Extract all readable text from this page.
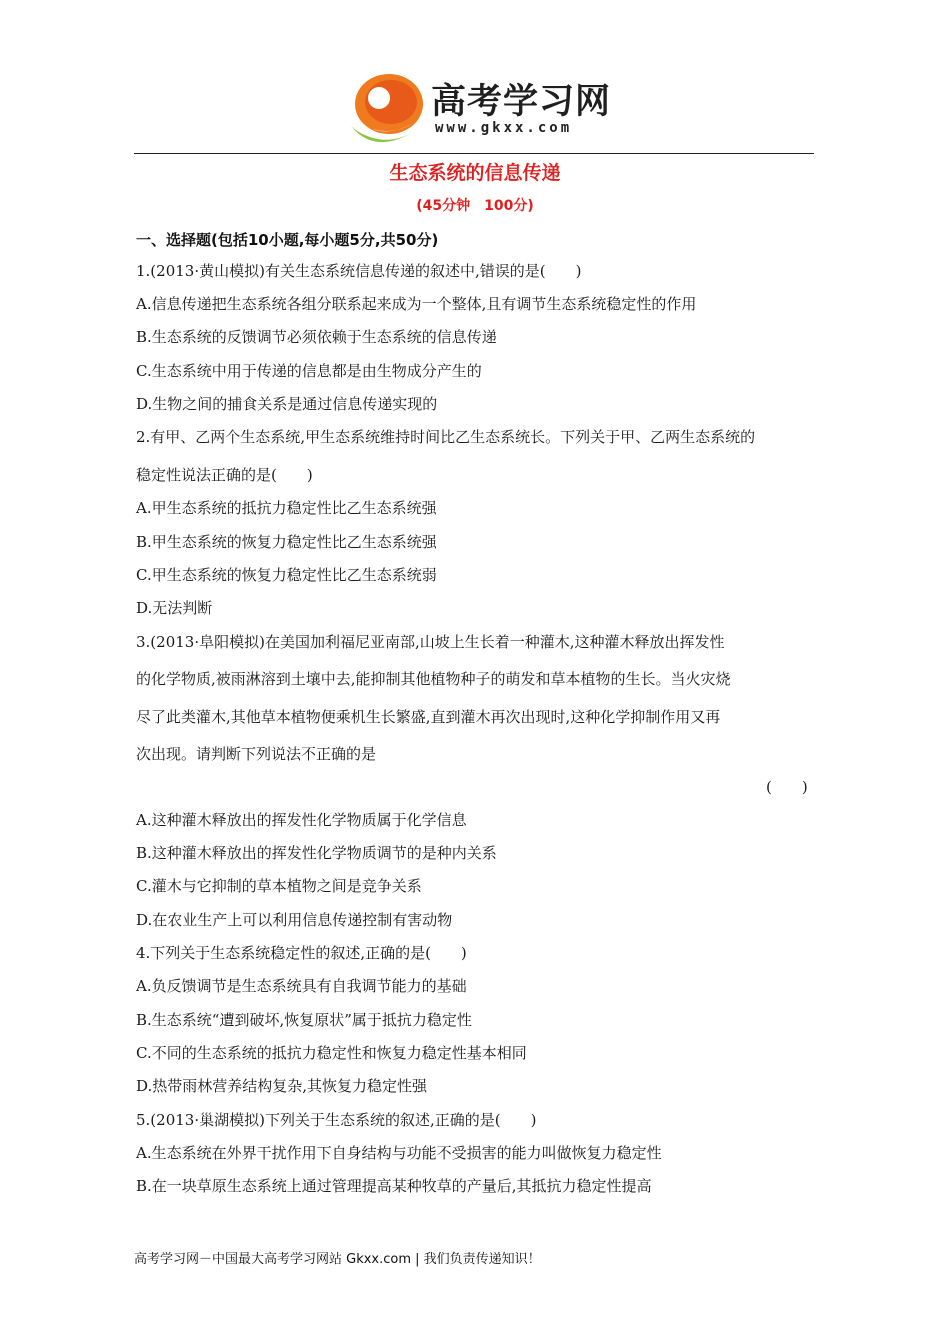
高考学习网
www.gkxx.com
生态系统的信息传递
(45分钟　100分)
一、选择题(包括10小题,每小题5分,共50分)
1.(2013·黄山模拟)有关生态系统信息传递的叙述中,错误的是(　　)
A.信息传递把生态系统各组分联系起来成为一个整体,且有调节生态系统稳定性的作用
B.生态系统的反馈调节必须依赖于生态系统的信息传递
C.生态系统中用于传递的信息都是由生物成分产生的
D.生物之间的捕食关系是通过信息传递实现的
2.有甲、乙两个生态系统,甲生态系统维持时间比乙生态系统长。下列关于甲、乙两生态系统的
稳定性说法正确的是(　　)
A.甲生态系统的抵抗力稳定性比乙生态系统强
B.甲生态系统的恢复力稳定性比乙生态系统强
C.甲生态系统的恢复力稳定性比乙生态系统弱
D.无法判断
3.(2013·阜阳模拟)在美国加利福尼亚南部,山坡上生长着一种灌木,这种灌木释放出挥发性
的化学物质,被雨淋溶到土壤中去,能抑制其他植物种子的萌发和草本植物的生长。当火灾烧
尽了此类灌木,其他草本植物便乘机生长繁盛,直到灌木再次出现时,这种化学抑制作用又再
次出现。请判断下列说法不正确的是
(　　)
A.这种灌木释放出的挥发性化学物质属于化学信息
B.这种灌木释放出的挥发性化学物质调节的是种内关系
C.灌木与它抑制的草本植物之间是竞争关系
D.在农业生产上可以利用信息传递控制有害动物
4.下列关于生态系统稳定性的叙述,正确的是(　　)
A.负反馈调节是生态系统具有自我调节能力的基础
B.生态系统“遭到破坏,恢复原状”属于抵抗力稳定性
C.不同的生态系统的抵抗力稳定性和恢复力稳定性基本相同
D.热带雨林营养结构复杂,其恢复力稳定性强
5.(2013·巢湖模拟)下列关于生态系统的叙述,正确的是(　　)
A.生态系统在外界干扰作用下自身结构与功能不受损害的能力叫做恢复力稳定性
B.在一块草原生态系统上通过管理提高某种牧草的产量后,其抵抗力稳定性提高
高考学习网－中国最大高考学习网站 Gkxx.com | 我们负责传递知识！
